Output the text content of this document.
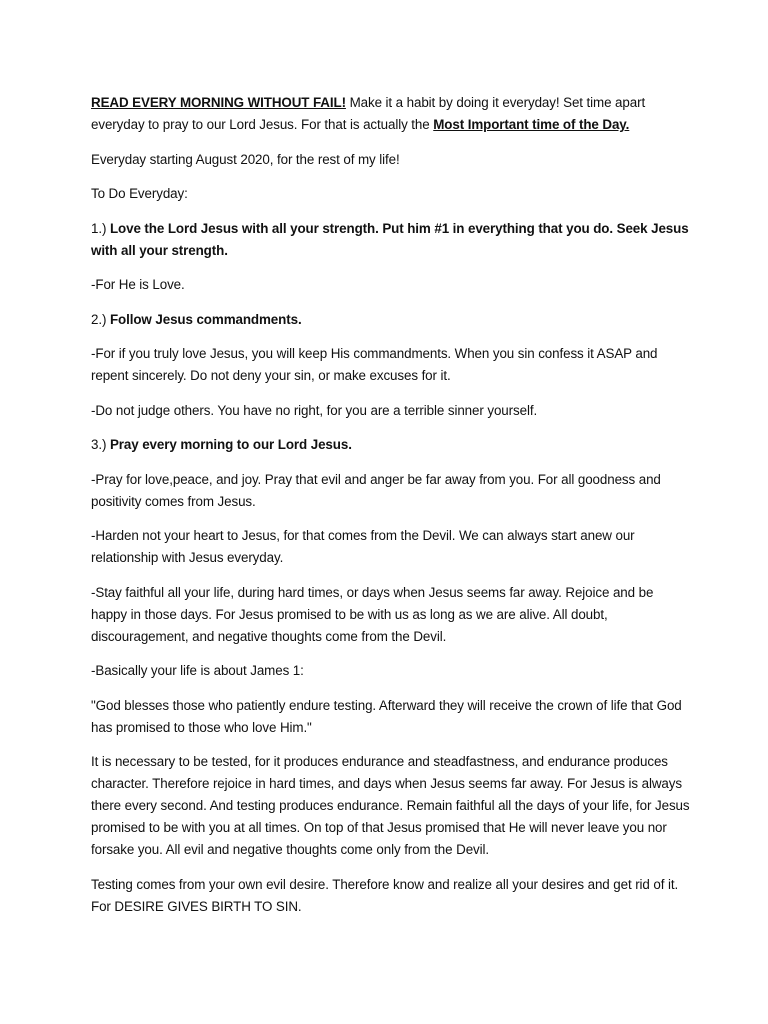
READ EVERY MORNING WITHOUT FAIL! Make it a habit by doing it everyday! Set time apart everyday to pray to our Lord Jesus. For that is actually the Most Important time of the Day.

Everyday starting August 2020, for the rest of my life!

To Do Everyday:

1.) Love the Lord Jesus with all your strength. Put him #1 in everything that you do. Seek Jesus with all your strength.

-For He is Love.

2.) Follow Jesus commandments.

-For if you truly love Jesus, you will keep His commandments. When you sin confess it ASAP and repent sincerely. Do not deny your sin, or make excuses for it.

-Do not judge others. You have no right, for you are a terrible sinner yourself.

3.) Pray every morning to our Lord Jesus.

-Pray for love,peace, and joy. Pray that evil and anger be far away from you. For all goodness and positivity comes from Jesus.

-Harden not your heart to Jesus, for that comes from the Devil. We can always start anew our relationship with Jesus everyday.

-Stay faithful all your life, during hard times, or days when Jesus seems far away. Rejoice and be happy in those days. For Jesus promised to be with us as long as we are alive. All doubt, discouragement, and negative thoughts come from the Devil.

-Basically your life is about James 1:

"God blesses those who patiently endure testing. Afterward they will receive the crown of life that God has promised to those who love Him."

It is necessary to be tested, for it produces endurance and steadfastness, and endurance produces character. Therefore rejoice in hard times, and days when Jesus seems far away. For Jesus is always there every second. And testing produces endurance. Remain faithful all the days of your life, for Jesus promised to be with you at all times. On top of that Jesus promised that He will never leave you nor forsake you. All evil and negative thoughts come only from the Devil.

Testing comes from your own evil desire. Therefore know and realize all your desires and get rid of it. For DESIRE GIVES BIRTH TO SIN.
